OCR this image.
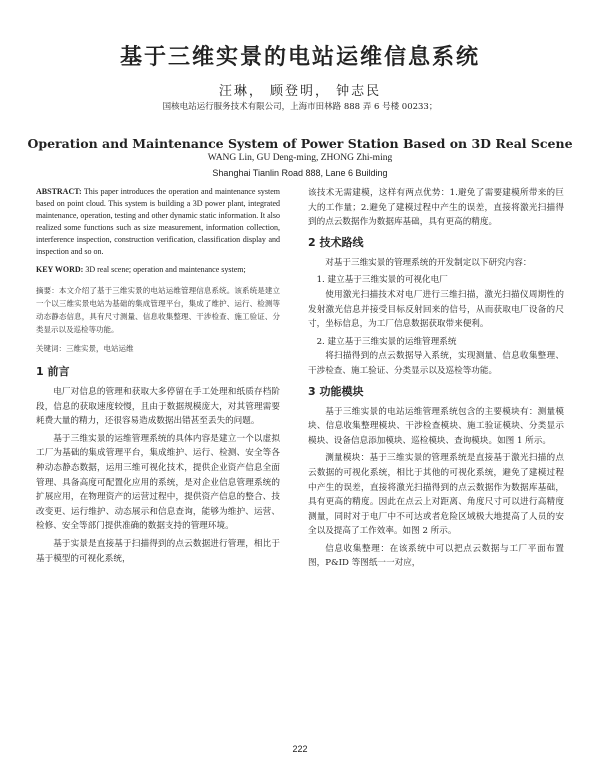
基于三维实景的电站运维信息系统
汪琳， 顾登明， 钟志民
国核电站运行服务技术有限公司，上海市田林路 888 弄 6 号楼 00233；
Operation and Maintenance System of Power Station Based on 3D Real Scene
WANG Lin, GU Deng-ming, ZHONG Zhi-ming
Shanghai Tianlin Road 888, Lane 6 Building

ABSTRACT: This paper introduces the operation and maintenance system based on point cloud. This system is building a 3D power plant, integrated maintenance, operation, testing and other dynamic static information. It also realized some functions such as size measurement, information collection, interference inspection, construction verification, classification display and inspection and so on.

KEY WORD: 3D real scene; operation and maintenance system;

摘要：本文介绍了基于三维实景的电站运维管理信息系统。该系统是建立一个以三维实景电站为基础的集成管理平台，集成了维护、运行、检测等动态静态信息，具有尺寸测量、信息收集整理、干涉检查、施工验证、分类显示以及巡检等功能。

关键词：三维实景，电站运维

1 前言

电厂对信息的管理和获取大多停留在手工处理和纸质存档阶段，信息的获取速度较慢，且由于数据规模庞大，对其管理需要耗费大量的精力，还很容易造成数据出错甚至丢失的问题。

基于三维实景的运维管理系统的具体内容是建立一个以虚拟工厂为基础的集成管理平台，集成维护、运行、检测、安全等各种动态静态数据，运用三维可视化技术，提供企业资产信息全面管理、具备高度可配置化应用的系统，是对企业信息管理系统的扩展应用，在物理资产的运营过程中，提供资产信息的整合、技改变更、运行维护、动态展示和信息查询，能够为维护、运营、检修、安全等部门提供准确的数据支持的管理环境。

基于实景是直接基于扫描得到的点云数据进行管理，相比于基于模型的可视化系统，

该技术无需建模，这样有两点优势：1.避免了需要建模所带来的巨大的工作量；2.避免了建模过程中产生的误差，直接将激光扫描得到的点云数据作为数据库基础，具有更高的精度。

2 技术路线

对基于三维实景的管理系统的开发制定以下研究内容：

1. 建立基于三维实景的可视化电厂

使用激光扫描技术对电厂进行三维扫描，激光扫描仪周期性的发射激光信息并接受目标反射回来的信号，从而获取电厂设备的尺寸，坐标信息，为工厂信息数据获取带来便利。

2. 建立基于三维实景的运维管理系统

将扫描得到的点云数据导入系统，实现测量、信息收集整理、干涉检查、施工验证、分类显示以及巡检等功能。

3 功能模块

基于三维实景的电站运维管理系统包含的主要模块有：测量模块、信息收集整理模块、干涉检查模块、施工验证模块、分类显示模块、设备信息添加模块、巡检模块、查询模块。如图 1 所示。

测量模块：基于三维实景的管理系统是直接基于激光扫描的点云数据的可视化系统，相比于其他的可视化系统，避免了建模过程中产生的误差，直接将激光扫描得到的点云数据作为数据库基础，具有更高的精度。因此在点云上对距离、角度尺寸可以进行高精度测量，同时对于电厂中不可达或者危险区域极大地提高了人员的安全以及提高了工作效率。如图 2 所示。

信息收集整理：在该系统中可以把点云数据与工厂平面布置图，P&ID 等图纸一一对应，

222
